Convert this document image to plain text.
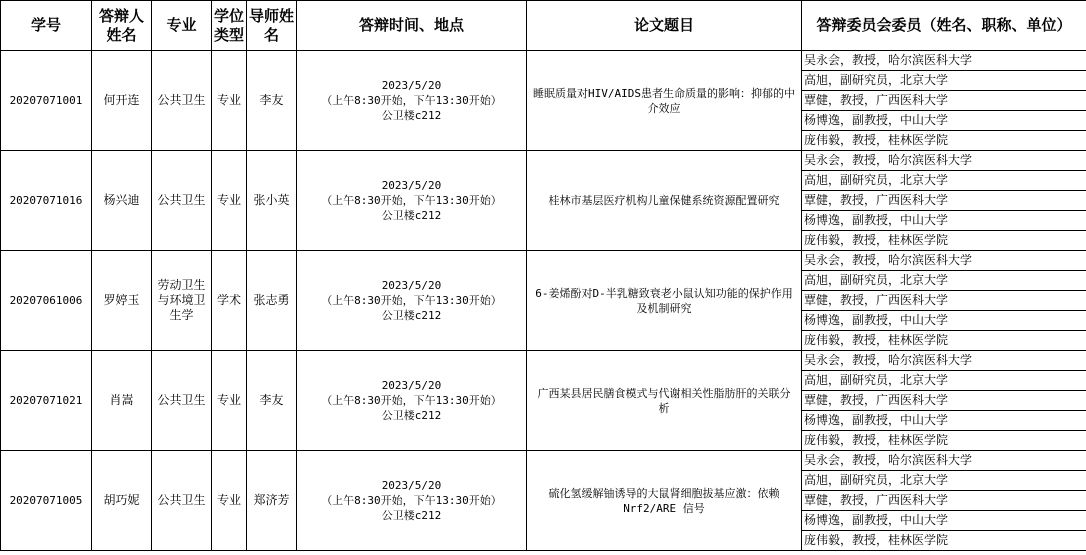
学号	答辩人姓名	专业	学位类型	导师姓名	答辩时间、地点	论文题目	答辩委员会委员（姓名、职称、单位）
20207071001	何开连	公共卫生	专业	李友	2023/5/20
（上午8:30开始，下午13:30开始）
公卫楼c212	睡眠质量对HIV/AIDS患者生命质量的影响：抑郁的中介效应	吴永会，教授，哈尔滨医科大学
							高旭，副研究员，北京大学
							覃健，教授，广西医科大学
							杨博逸，副教授，中山大学
							庞伟毅，教授，桂林医学院
20207071016	杨兴迪	公共卫生	专业	张小英	2023/5/20
（上午8:30开始，下午13:30开始）
公卫楼c212	桂林市基层医疗机构儿童保健系统资源配置研究	吴永会，教授，哈尔滨医科大学
							高旭，副研究员，北京大学
							覃健，教授，广西医科大学
							杨博逸，副教授，中山大学
							庞伟毅，教授，桂林医学院
20207061006	罗婷玉	劳动卫生与环境卫生学	学术	张志勇	2023/5/20
（上午8:30开始，下午13:30开始）
公卫楼c212	6-姜烯酚对D-半乳糖致衰老小鼠认知功能的保护作用及机制研究	吴永会，教授，哈尔滨医科大学
							高旭，副研究员，北京大学
							覃健，教授，广西医科大学
							杨博逸，副教授，中山大学
							庞伟毅，教授，桂林医学院
20207071021	肖嵩	公共卫生	专业	李友	2023/5/20
（上午8:30开始，下午13:30开始）
公卫楼c212	广西某县居民膳食模式与代谢相关性脂肪肝的关联分析	吴永会，教授，哈尔滨医科大学
							高旭，副研究员，北京大学
							覃健，教授，广西医科大学
							杨博逸，副教授，中山大学
							庞伟毅，教授，桂林医学院
20207071005	胡巧妮	公共卫生	专业	郑济芳	2023/5/20
（上午8:30开始，下午13:30开始）
公卫楼c212	硫化氢缓解铀诱导的大鼠肾细胞拔基应激：依赖 Nrf2/ARE 信号	吴永会，教授，哈尔滨医科大学
							高旭，副研究员，北京大学
							覃健，教授，广西医科大学
							杨博逸，副教授，中山大学
							庞伟毅，教授，桂林医学院
